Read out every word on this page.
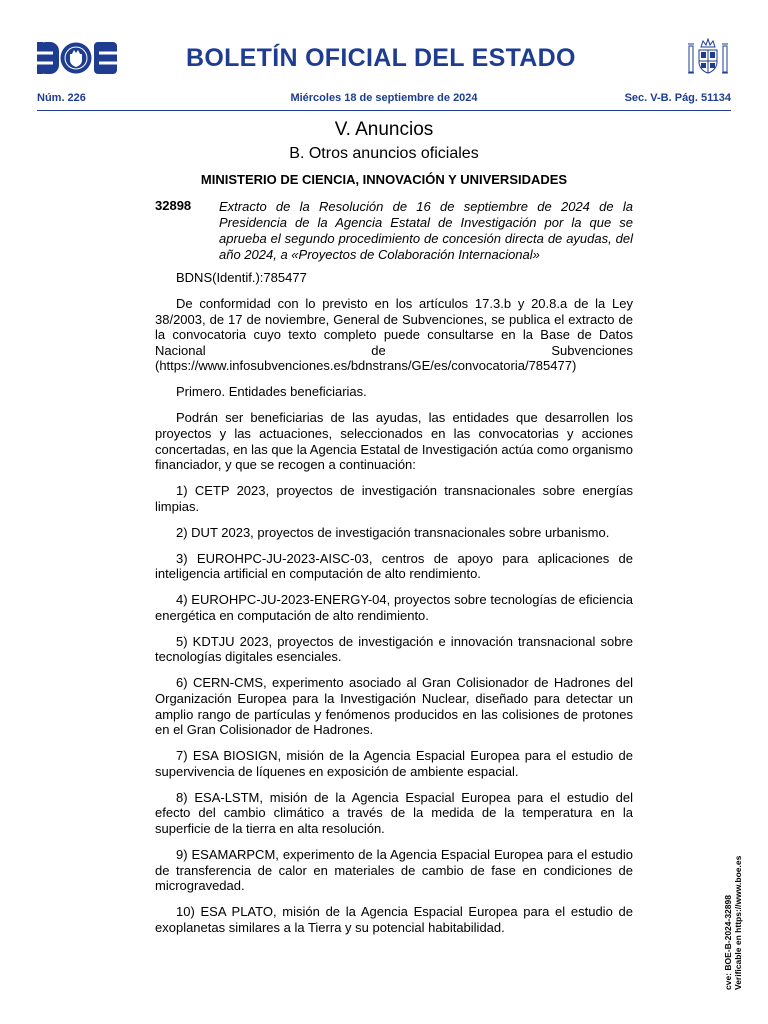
BOLETÍN OFICIAL DEL ESTADO
Miércoles 18 de septiembre de 2024
Núm. 226	Sec. V-B. Pág. 51134
V. Anuncios
B. Otros anuncios oficiales
MINISTERIO DE CIENCIA, INNOVACIÓN Y UNIVERSIDADES
32898 Extracto de la Resolución de 16 de septiembre de 2024 de la Presidencia de la Agencia Estatal de Investigación por la que se aprueba el segundo procedimiento de concesión directa de ayudas, del año 2024, a «Proyectos de Colaboración Internacional»

BDNS(Identif.):785477

De conformidad con lo previsto en los artículos 17.3.b y 20.8.a de la Ley 38/2003, de 17 de noviembre, General de Subvenciones, se publica el extracto de la convocatoria cuyo texto completo puede consultarse en la Base de Datos Nacional de Subvenciones (https://www.infosubvenciones.es/bdnstrans/GE/es/convocatoria/785477)

Primero. Entidades beneficiarias.

Podrán ser beneficiarias de las ayudas, las entidades que desarrollen los proyectos y las actuaciones, seleccionados en las convocatorias y acciones concertadas, en las que la Agencia Estatal de Investigación actúa como organismo financiador, y que se recogen a continuación:

1) CETP 2023, proyectos de investigación transnacionales sobre energías limpias.

2) DUT 2023, proyectos de investigación transnacionales sobre urbanismo.

3) EUROHPC-JU-2023-AISC-03, centros de apoyo para aplicaciones de inteligencia artificial en computación de alto rendimiento.

4) EUROHPC-JU-2023-ENERGY-04, proyectos sobre tecnologías de eficiencia energética en computación de alto rendimiento.

5) KDTJU 2023, proyectos de investigación e innovación transnacional sobre tecnologías digitales esenciales.

6) CERN-CMS, experimento asociado al Gran Colisionador de Hadrones del Organización Europea para la Investigación Nuclear, diseñado para detectar un amplio rango de partículas y fenómenos producidos en las colisiones de protones en el Gran Colisionador de Hadrones.

7) ESA BIOSIGN, misión de la Agencia Espacial Europea para el estudio de supervivencia de líquenes en exposición de ambiente espacial.

8) ESA-LSTM, misión de la Agencia Espacial Europea para el estudio del efecto del cambio climático a través de la medida de la temperatura en la superficie de la tierra en alta resolución.

9) ESAMARPCM, experimento de la Agencia Espacial Europea para el estudio de transferencia de calor en materiales de cambio de fase en condiciones de microgravedad.

10) ESA PLATO, misión de la Agencia Espacial Europea para el estudio de exoplanetas similares a la Tierra y su potencial habitabilidad.	cve: BOE-B-2024-32898 Verificable en https://www.boe.es
